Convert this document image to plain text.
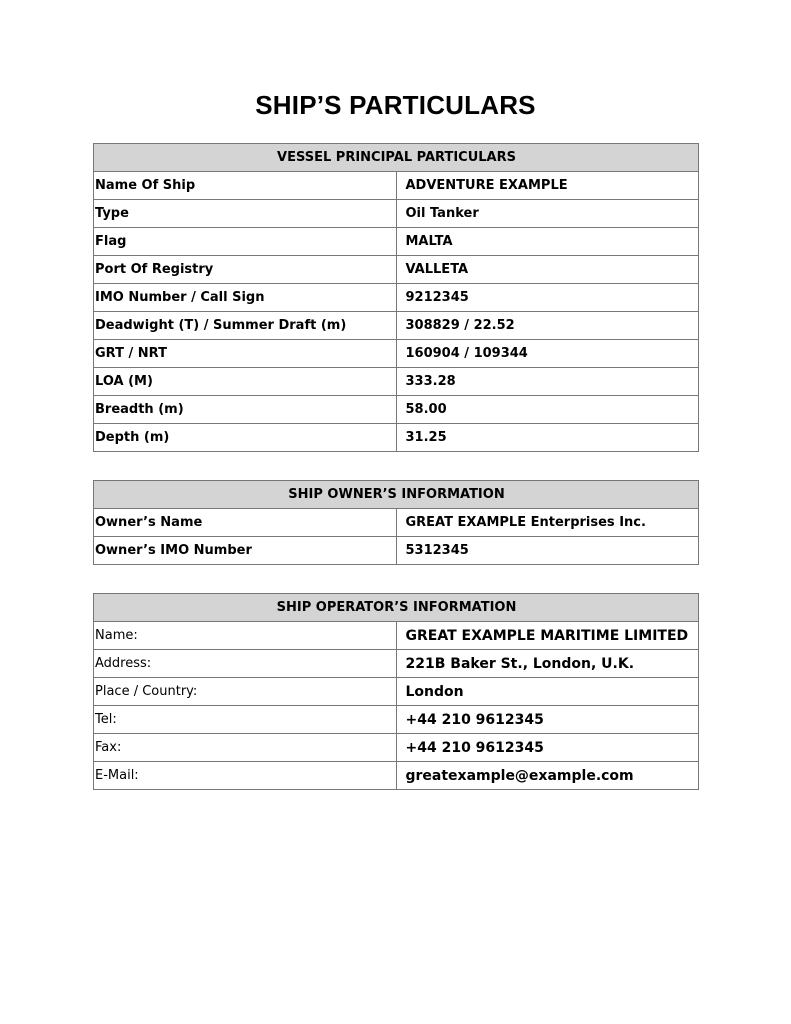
SHIP’S PARTICULARS
VESSEL PRINCIPAL PARTICULARS	
Name Of Ship	ADVENTURE EXAMPLE
Type	Oil Tanker
Flag	MALTA
Port Of Registry	VALLETA
IMO Number / Call Sign	9212345
Deadwight (T) / Summer Draft (m)	308829 / 22.52
GRT / NRT	160904 / 109344
LOA (M)	333.28
Breadth (m)	58.00
Depth (m)	31.25
SHIP OWNER’S INFORMATION	
Owner’s Name	GREAT EXAMPLE Enterprises Inc.
Owner’s IMO Number	5312345
SHIP OPERATOR’S INFORMATION	
Name:	GREAT EXAMPLE MARITIME LIMITED
Address:	221B Baker St., London, U.K.
Place / Country:	London
Tel:	+44 210 9612345
Fax:	+44 210 9612345
E-Mail:	greatexample@example.com
